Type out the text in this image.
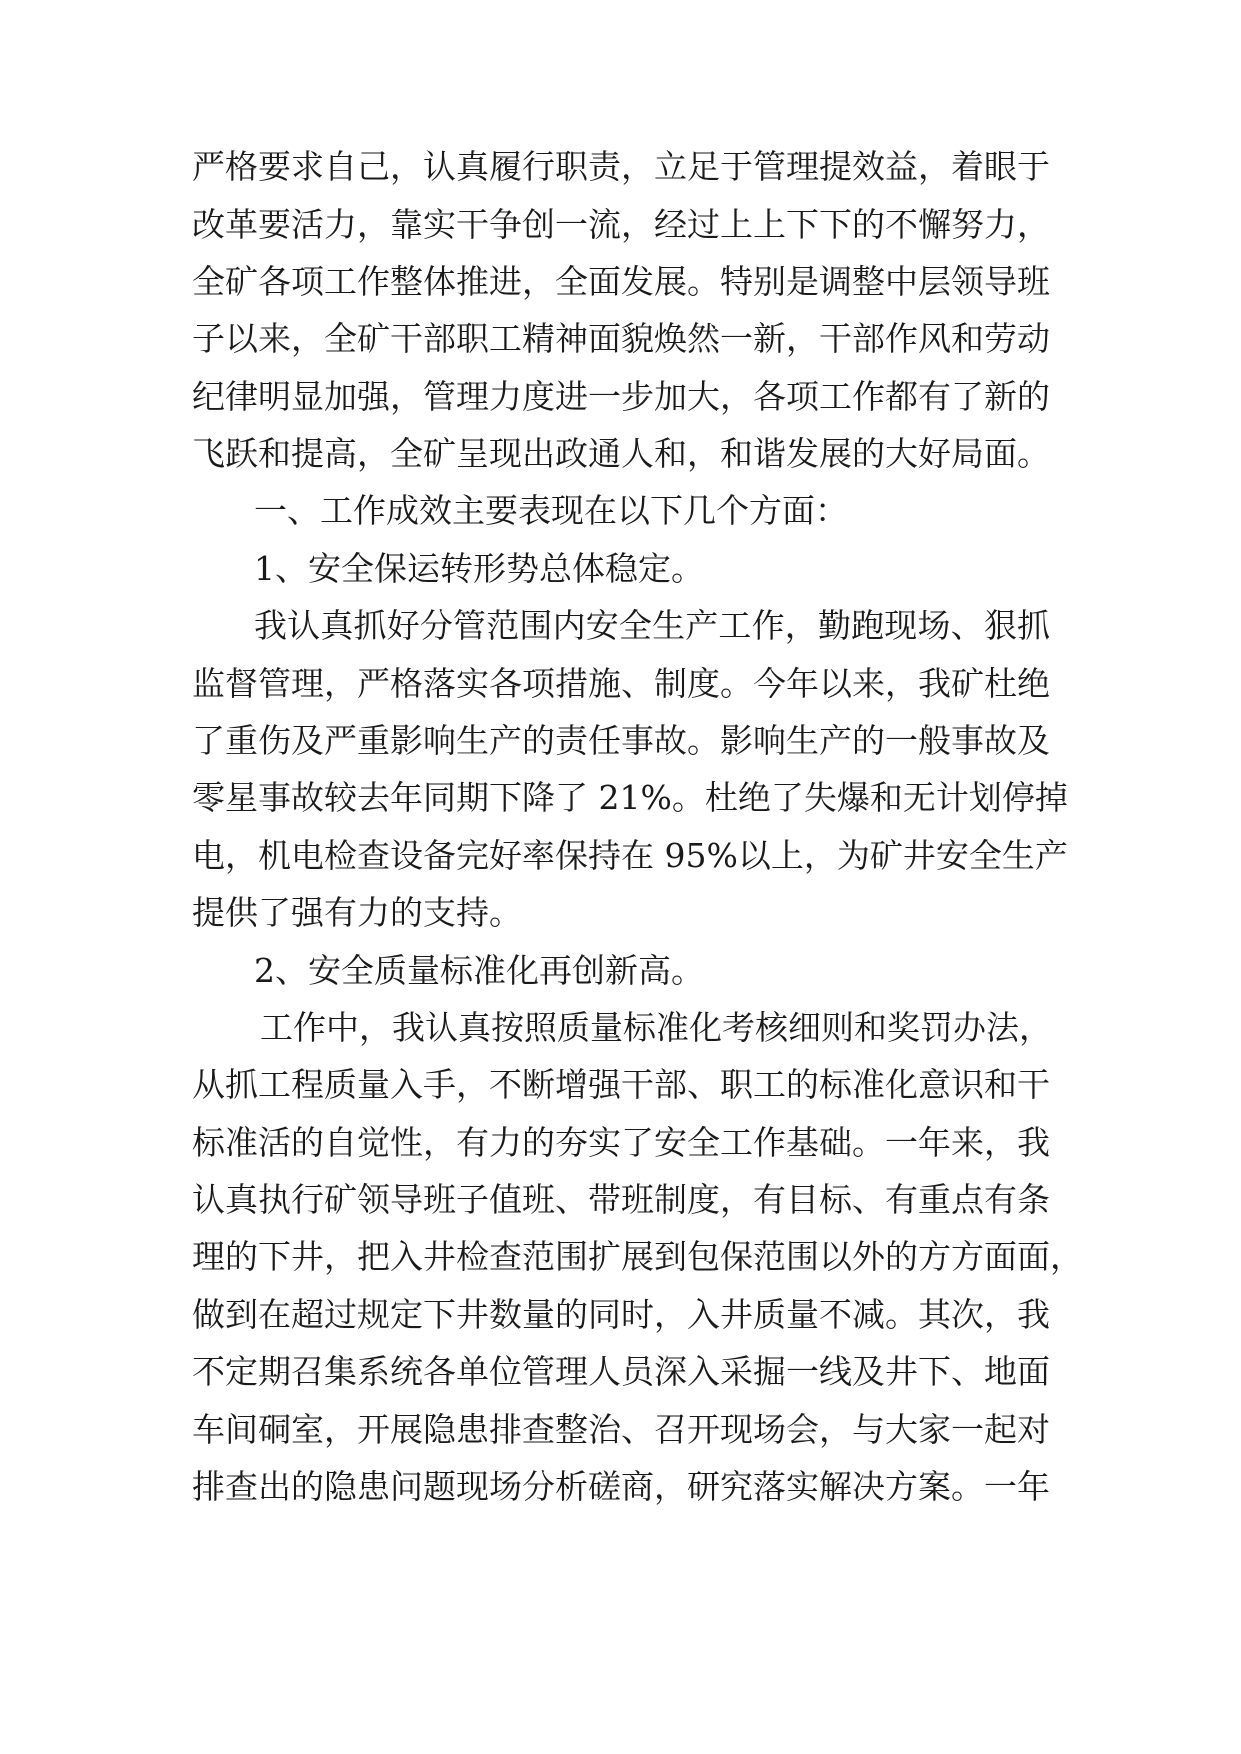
严格要求自己，认真履行职责，立足于管理提效益，着眼于
改革要活力，靠实干争创一流，经过上上下下的不懈努力，
全矿各项工作整体推进，全面发展。特别是调整中层领导班
子以来，全矿干部职工精神面貌焕然一新，干部作风和劳动
纪律明显加强，管理力度进一步加大，各项工作都有了新的
飞跃和提高，全矿呈现出政通人和，和谐发展的大好局面。
一、工作成效主要表现在以下几个方面：
1、安全保运转形势总体稳定。
我认真抓好分管范围内安全生产工作，勤跑现场、狠抓
监督管理，严格落实各项措施、制度。今年以来，我矿杜绝
了重伤及严重影响生产的责任事故。影响生产的一般事故及
零星事故较去年同期下降了 21%。杜绝了失爆和无计划停掉
电，机电检查设备完好率保持在 95%以上，为矿井安全生产
提供了强有力的支持。
2、安全质量标准化再创新高。
工作中，我认真按照质量标准化考核细则和奖罚办法，
从抓工程质量入手，不断增强干部、职工的标准化意识和干
标准活的自觉性，有力的夯实了安全工作基础。一年来，我
认真执行矿领导班子值班、带班制度，有目标、有重点有条
理的下井，把入井检查范围扩展到包保范围以外的方方面面，
做到在超过规定下井数量的同时，入井质量不减。其次，我
不定期召集系统各单位管理人员深入采掘一线及井下、地面
车间硐室，开展隐患排查整治、召开现场会，与大家一起对
排查出的隐患问题现场分析磋商，研究落实解决方案。一年
